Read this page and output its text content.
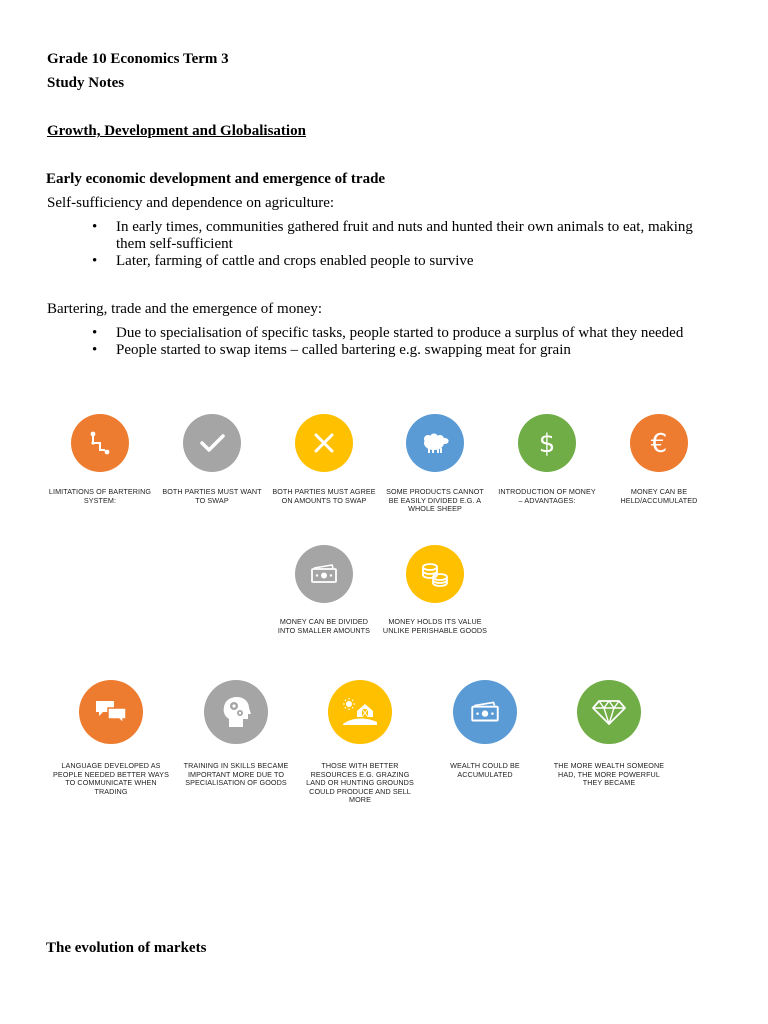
Grade 10 Economics Term 3
Study Notes
Growth, Development and Globalisation
Early economic development and emergence of trade
Self-sufficiency and dependence on agriculture:
• In early times, communities gathered fruit and nuts and hunted their own animals to eat, making
them self-sufficient
• Later, farming of cattle and crops enabled people to survive
Bartering, trade and the emergence of money:
• Due to specialisation of specific tasks, people started to produce a surplus of what they needed
• People started to swap items – called bartering e.g. swapping meat for grain
LIMITATIONS OF BARTERING
SYSTEM:
BOTH PARTIES MUST WANT
TO SWAP
BOTH PARTIES MUST AGREE
ON AMOUNTS TO SWAP
SOME PRODUCTS CANNOT
BE EASILY DIVIDED E.G. A
WHOLE SHEEP
$
INTRODUCTION OF MONEY
– ADVANTAGES:
€
MONEY CAN BE
HELD/ACCUMULATED
MONEY CAN BE DIVIDED
INTO SMALLER AMOUNTS
MONEY HOLDS ITS VALUE
UNLIKE PERISHABLE GOODS
LANGUAGE DEVELOPED AS
PEOPLE NEEDED BETTER WAYS
TO COMMUNICATE WHEN
TRADING
TRAINING IN SKILLS BECAME
IMPORTANT MORE DUE TO
SPECIALISATION OF GOODS
THOSE WITH BETTER
RESOURCES E.G. GRAZING
LAND OR HUNTING GROUNDS
COULD PRODUCE AND SELL
MORE
WEALTH COULD BE
ACCUMULATED
THE MORE WEALTH SOMEONE
HAD, THE MORE POWERFUL
THEY BECAME
The evolution of markets
